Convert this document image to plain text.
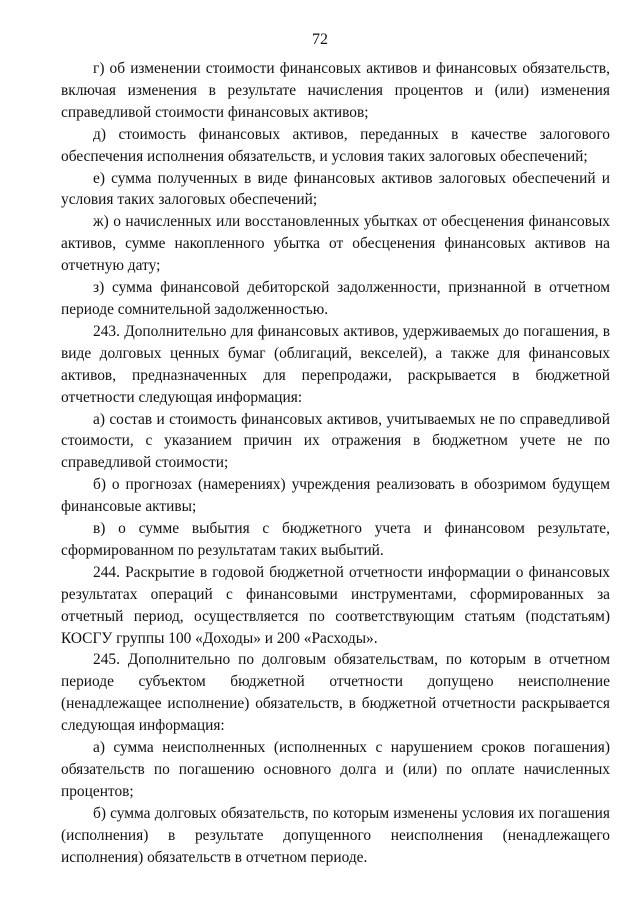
72

г) об изменении стоимости финансовых активов и финансовых обязательств, включая изменения в результате начисления процентов и (или) изменения справедливой стоимости финансовых активов;

д) стоимость финансовых активов, переданных в качестве залогового обеспечения исполнения обязательств, и условия таких залоговых обеспечений;

е) сумма полученных в виде финансовых активов залоговых обеспечений и условия таких залоговых обеспечений;

ж) о начисленных или восстановленных убытках от обесценения финансовых активов, сумме накопленного убытка от обесценения финансовых активов на отчетную дату;

з) сумма финансовой дебиторской задолженности, признанной в отчетном периоде сомнительной задолженностью.

243. Дополнительно для финансовых активов, удерживаемых до погашения, в виде долговых ценных бумаг (облигаций, векселей), а также для финансовых активов, предназначенных для перепродажи, раскрывается в бюджетной отчетности следующая информация:

а) состав и стоимость финансовых активов, учитываемых не по справедливой стоимости, с указанием причин их отражения в бюджетном учете не по справедливой стоимости;

б) о прогнозах (намерениях) учреждения реализовать в обозримом будущем финансовые активы;

в) о сумме выбытия с бюджетного учета и финансовом результате, сформированном по результатам таких выбытий.

244. Раскрытие в годовой бюджетной отчетности информации о финансовых результатах операций с финансовыми инструментами, сформированных за отчетный период, осуществляется по соответствующим статьям (подстатьям) КОСГУ группы 100 «Доходы» и 200 «Расходы».

245. Дополнительно по долговым обязательствам, по которым в отчетном периоде субъектом бюджетной отчетности допущено неисполнение (ненадлежащее исполнение) обязательств, в бюджетной отчетности раскрывается следующая информация:

а) сумма неисполненных (исполненных с нарушением сроков погашения) обязательств по погашению основного долга и (или) по оплате начисленных процентов;

б) сумма долговых обязательств, по которым изменены условия их погашения (исполнения) в результате допущенного неисполнения (ненадлежащего исполнения) обязательств в отчетном периоде.
